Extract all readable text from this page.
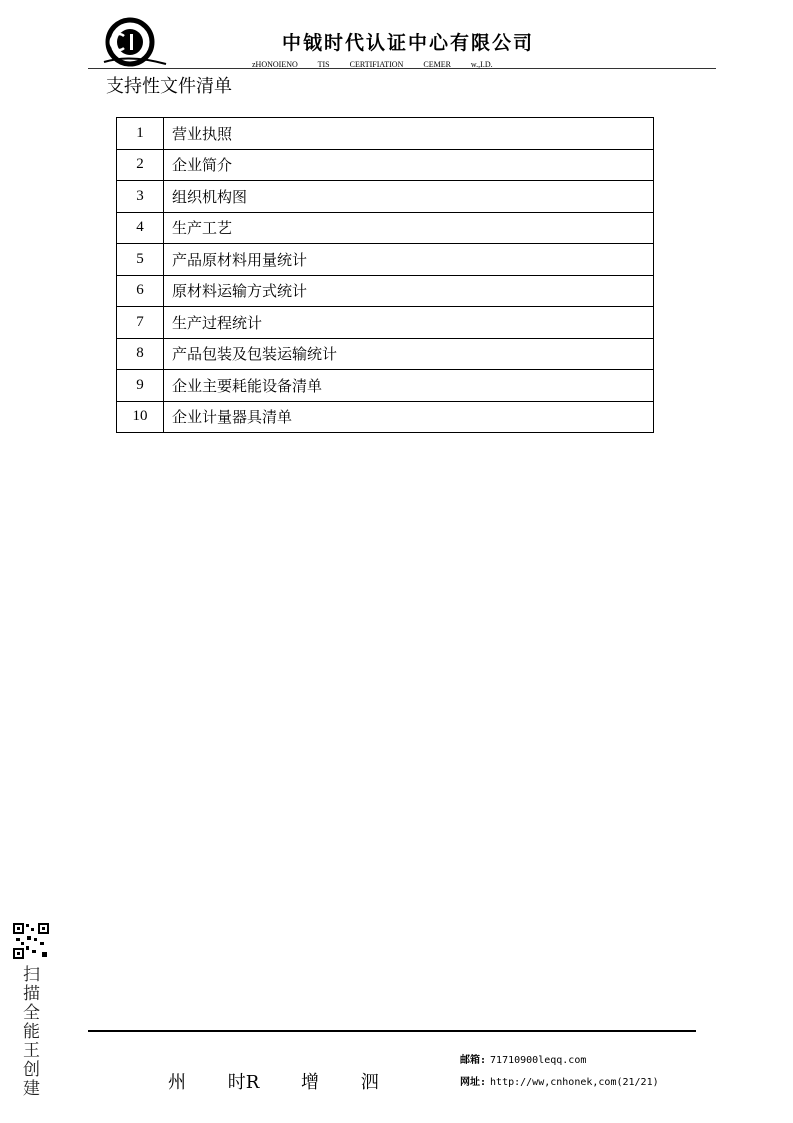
中钺时代认证中心有限公司
zHONOIENO TIS CERTIFIATION CEMER w.,I.D.
支持性文件清单
1	营业执照
2	企业简介
3	组织机构图
4	生产工艺
5	产品原材料用量统计
6	原材料运输方式统计
7	生产过程统计
8	产品包装及包装运输统计
9	企业主要耗能设备清单
10	企业计量器具清单
扫描全能王创建	州 时R 增 泗
邮箱: 71710900leqq.com
网址: http://ww,cnhonek,com(21/21)
